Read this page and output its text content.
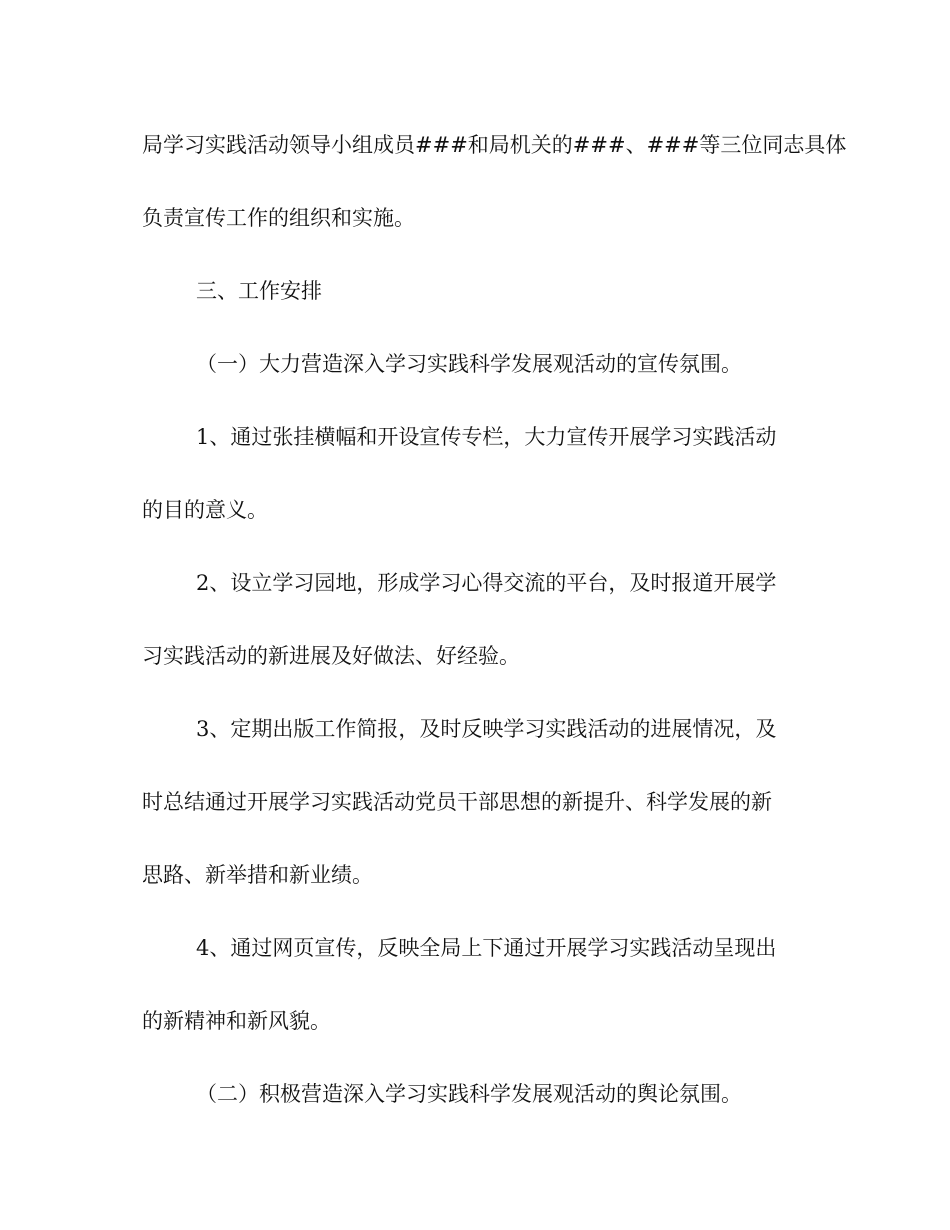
局学习实践活动领导小组成员###和局机关的###、###等三位同志具体
负责宣传工作的组织和实施。
三、工作安排
（一）大力营造深入学习实践科学发展观活动的宣传氛围。
1、通过张挂横幅和开设宣传专栏，大力宣传开展学习实践活动
的目的意义。
2、设立学习园地，形成学习心得交流的平台，及时报道开展学
习实践活动的新进展及好做法、好经验。
3、定期出版工作简报，及时反映学习实践活动的进展情况，及
时总结通过开展学习实践活动党员干部思想的新提升、科学发展的新
思路、新举措和新业绩。
4、通过网页宣传，反映全局上下通过开展学习实践活动呈现出
的新精神和新风貌。
（二）积极营造深入学习实践科学发展观活动的舆论氛围。
